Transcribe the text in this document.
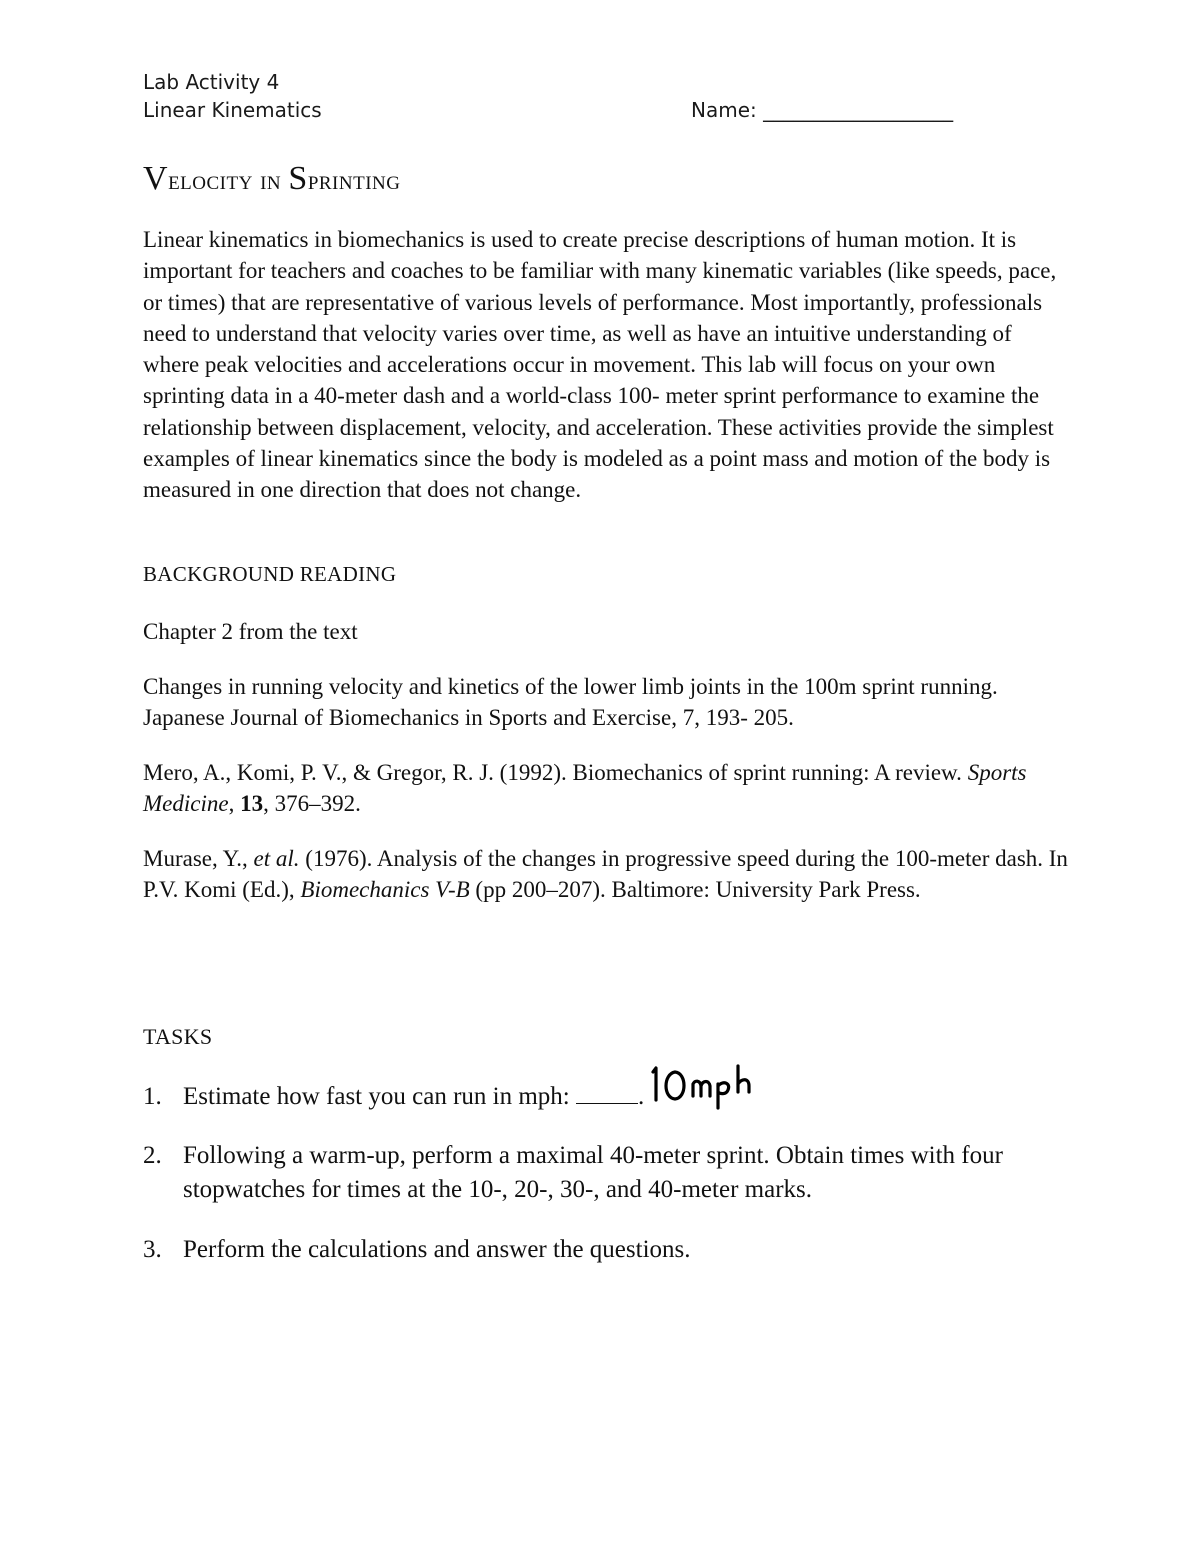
Lab Activity 4
Linear Kinematics	Name: ___________________
Velocity in Sprinting

Linear kinematics in biomechanics is used to create precise descriptions of human motion. It is important for teachers and coaches to be familiar with many kinematic variables (like speeds, pace, or times) that are representative of various levels of performance. Most importantly, professionals need to understand that velocity varies over time, as well as have an intuitive understanding of where peak velocities and accelerations occur in movement. This lab will focus on your own sprinting data in a 40-meter dash and a world-class 100- meter sprint performance to examine the relationship between displacement, velocity, and acceleration. These activities provide the simplest examples of linear kinematics since the body is modeled as a point mass and motion of the body is measured in one direction that does not change.

BACKGROUND READING

Chapter 2 from the text

Changes in running velocity and kinetics of the lower limb joints in the 100m sprint running. Japanese Journal of Biomechanics in Sports and Exercise, 7, 193- 205.

Mero, A., Komi, P. V., & Gregor, R. J. (1992). Biomechanics of sprint running: A review. Sports Medicine, 13, 376–392.

Murase, Y., et al. (1976). Analysis of the changes in progressive speed during the 100-meter dash. In P.V. Komi (Ed.), Biomechanics V-B (pp 200–207). Baltimore: University Park Press.

TASKS
1. Estimate how fast you can run in mph: .
2. Following a warm-up, perform a maximal 40-meter sprint. Obtain times with four stopwatches for times at the 10-, 20-, 30-, and 40-meter marks.
3. Perform the calculations and answer the questions.
